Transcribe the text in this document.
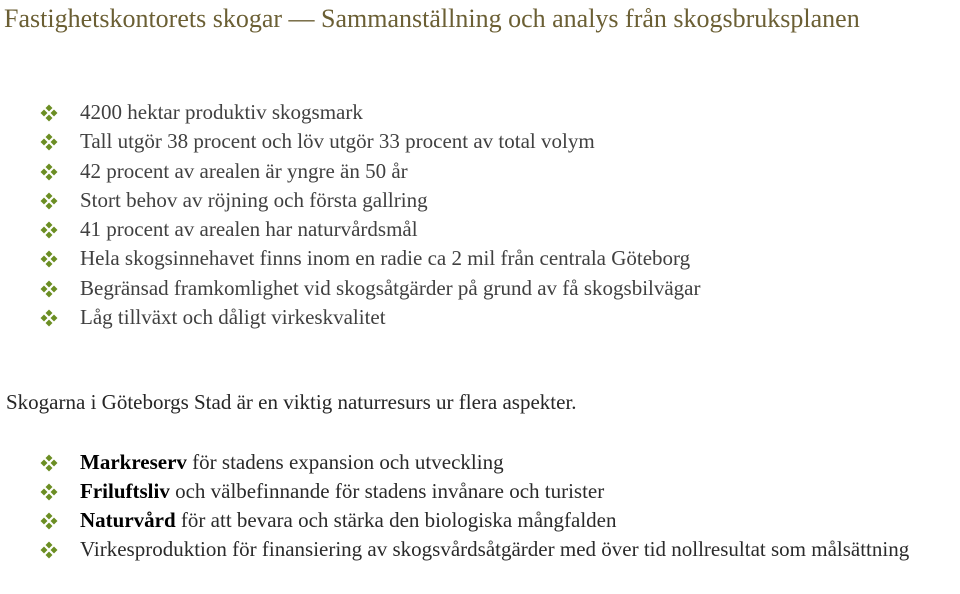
Fastighetskontorets skogar — Sammanställning och analys från skogsbruksplanen
4200 hektar produktiv skogsmark
Tall utgör 38 procent och löv utgör 33 procent av total volym
42 procent av arealen är yngre än 50 år
Stort behov av röjning och första gallring
41 procent av arealen har naturvårdsmål
Hela skogsinnehavet finns inom en radie ca 2 mil från centrala Göteborg
Begränsad framkomlighet vid skogsåtgärder på grund av få skogsbilvägar
Låg tillväxt och dåligt virkeskvalitet
Skogarna i Göteborgs Stad är en viktig naturresurs ur flera aspekter.
Markreserv för stadens expansion och utveckling
Friluftsliv och välbefinnande för stadens invånare och turister
Naturvård för att bevara och stärka den biologiska mångfalden
Virkesproduktion för finansiering av skogsvårdsåtgärder med över tid nollresultat som målsättning
